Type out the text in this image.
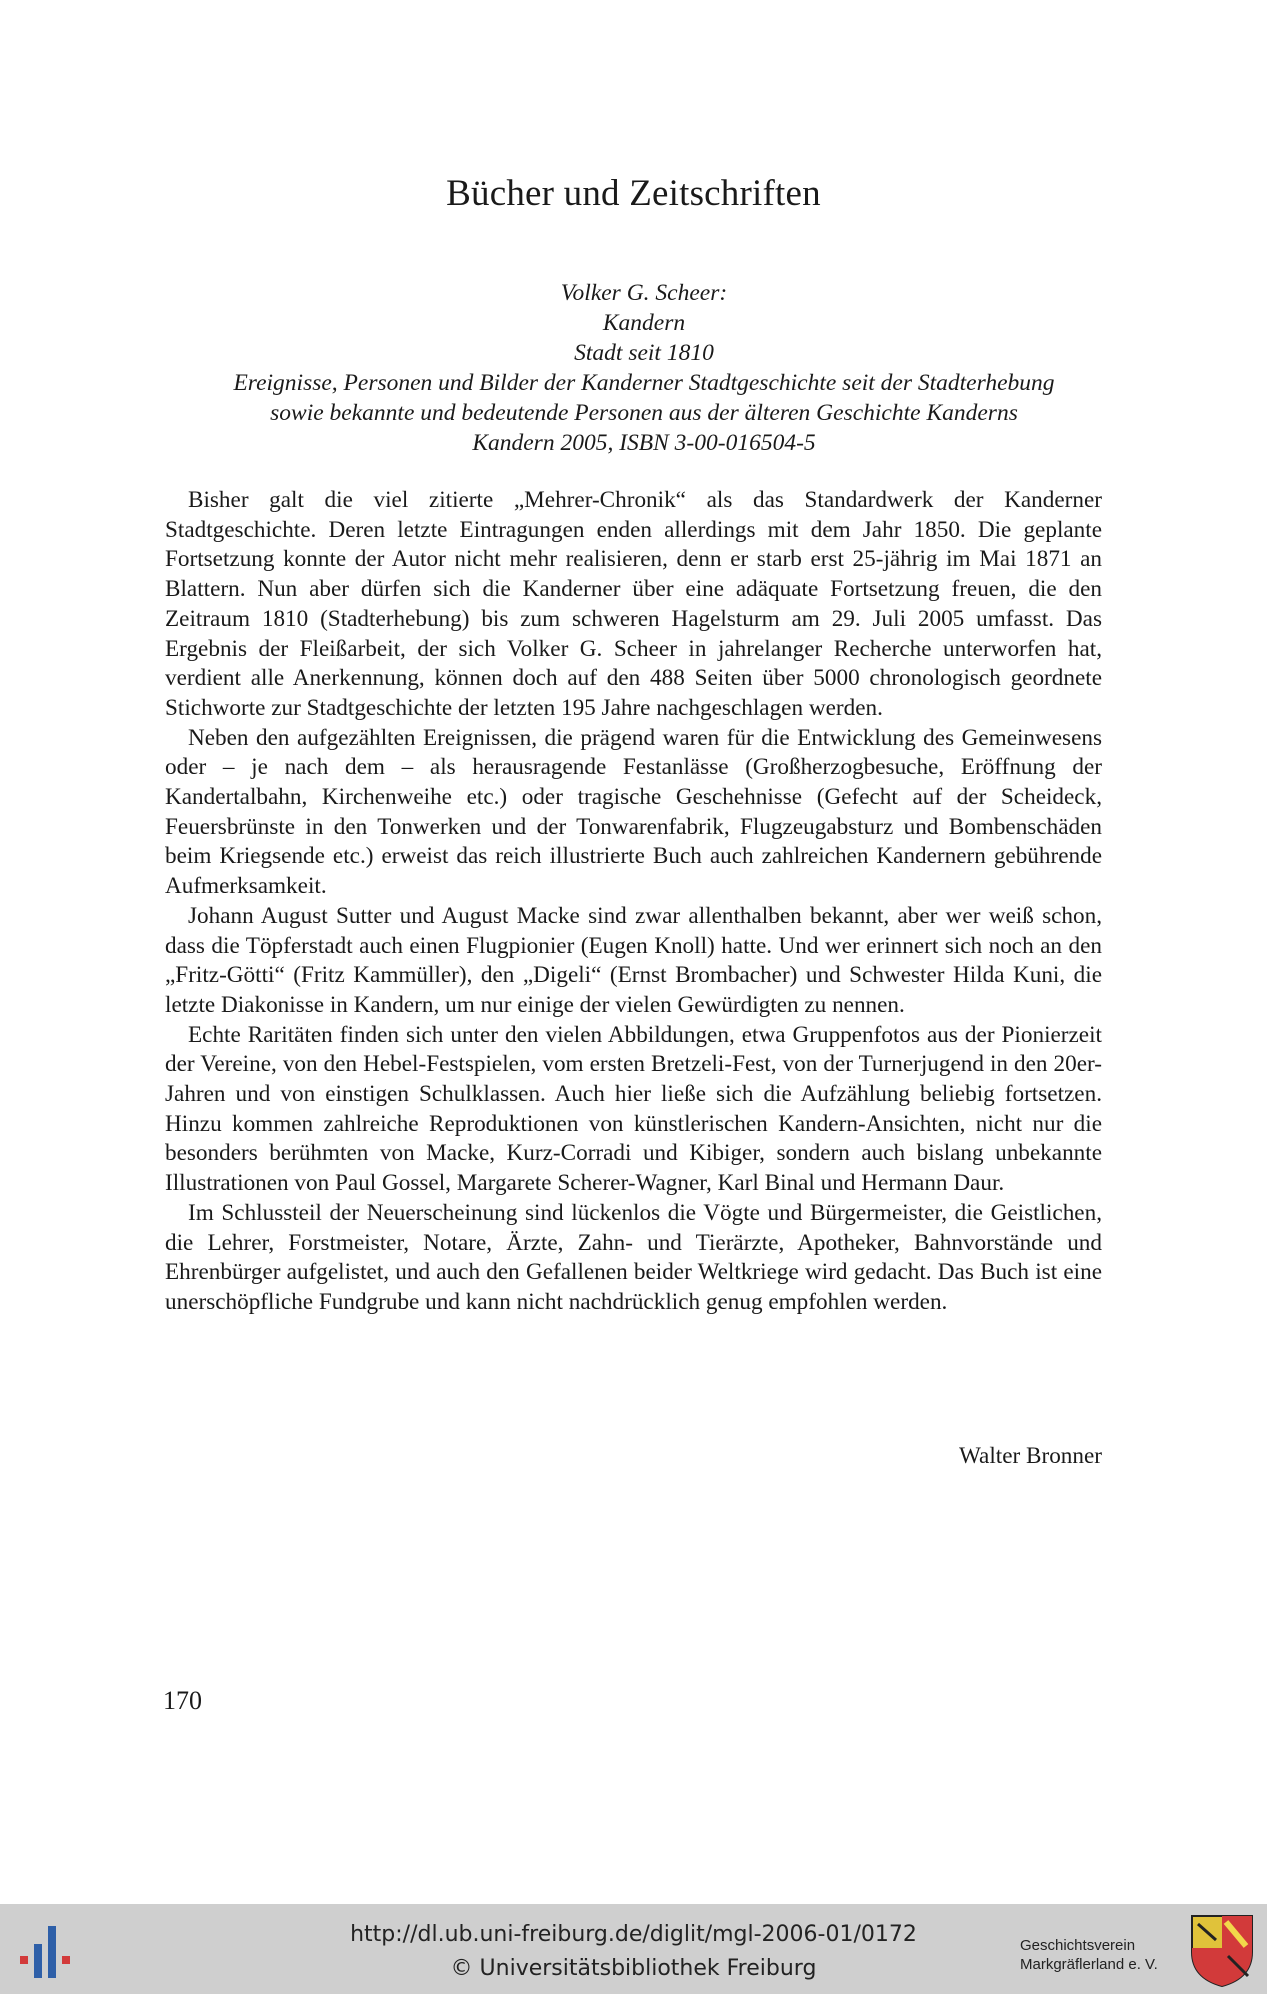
Bücher und Zeitschriften
Volker G. Scheer:
Kandern
Stadt seit 1810
Ereignisse, Personen und Bilder der Kanderner Stadtgeschichte seit der Stadterhebung
sowie bekannte und bedeutende Personen aus der älteren Geschichte Kanderns
Kandern 2005, ISBN 3-00-016504-5

Bisher galt die viel zitierte „Mehrer-Chronik“ als das Standardwerk der Kanderner Stadtgeschichte. Deren letzte Eintragungen enden allerdings mit dem Jahr 1850. Die geplante Fortsetzung konnte der Autor nicht mehr realisieren, denn er starb erst 25-jährig im Mai 1871 an Blattern. Nun aber dürfen sich die Kanderner über eine adäquate Fortsetzung freuen, die den Zeitraum 1810 (Stadterhebung) bis zum schweren Hagelsturm am 29. Juli 2005 umfasst. Das Ergebnis der Fleißarbeit, der sich Volker G. Scheer in jahrelanger Recherche unterworfen hat, verdient alle Anerkennung, können doch auf den 488 Seiten über 5000 chronologisch geordnete Stichworte zur Stadtgeschichte der letzten 195 Jahre nachgeschlagen werden.

Neben den aufgezählten Ereignissen, die prägend waren für die Entwicklung des Gemeinwesens oder – je nach dem – als herausragende Festanlässe (Großherzogbesuche, Eröffnung der Kandertalbahn, Kirchenweihe etc.) oder tragische Geschehnisse (Gefecht auf der Scheideck, Feuersbrünste in den Tonwerken und der Tonwarenfabrik, Flugzeugabsturz und Bombenschäden beim Kriegsende etc.) erweist das reich illustrierte Buch auch zahlreichen Kandernern gebührende Aufmerksamkeit.

Johann August Sutter und August Macke sind zwar allenthalben bekannt, aber wer weiß schon, dass die Töpferstadt auch einen Flugpionier (Eugen Knoll) hatte. Und wer erinnert sich noch an den „Fritz-Götti“ (Fritz Kammüller), den „Digeli“ (Ernst Brombacher) und Schwester Hilda Kuni, die letzte Diakonisse in Kandern, um nur einige der vielen Gewürdigten zu nennen.

Echte Raritäten finden sich unter den vielen Abbildungen, etwa Gruppenfotos aus der Pionierzeit der Vereine, von den Hebel-Festspielen, vom ersten Bretzeli-Fest, von der Turnerjugend in den 20er-Jahren und von einstigen Schulklassen. Auch hier ließe sich die Aufzählung beliebig fortsetzen. Hinzu kommen zahlreiche Reproduktionen von künstlerischen Kandern-Ansichten, nicht nur die besonders berühmten von Macke, Kurz-Corradi und Kibiger, sondern auch bislang unbekannte Illustrationen von Paul Gossel, Margarete Scherer-Wagner, Karl Binal und Hermann Daur.

Im Schlussteil der Neuerscheinung sind lückenlos die Vögte und Bürgermeister, die Geistlichen, die Lehrer, Forstmeister, Notare, Ärzte, Zahn- und Tierärzte, Apotheker, Bahnvorstände und Ehrenbürger aufgelistet, und auch den Gefallenen beider Weltkriege wird gedacht. Das Buch ist eine unerschöpfliche Fundgrube und kann nicht nachdrücklich genug empfohlen werden.

Walter Bronner
170
http://dl.ub.uni-freiburg.de/diglit/mgl-2006-01/0172
© Universitätsbibliothek Freiburg
Geschichtsverein
Markgräflerland e. V.
